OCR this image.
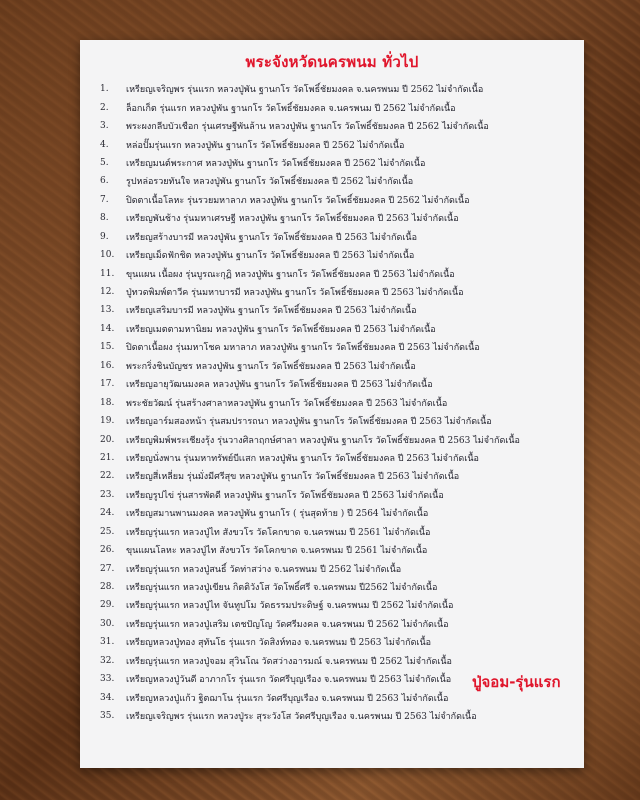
พระจังหวัดนครพนม ทั่วไป
1.	เหรียญเจริญพร รุ่นแรก หลวงปู่พัน ฐานกโร วัดโพธิ์ชัยมงคล จ.นครพนม ปี 2562 ไม่จำกัดเนื้อ
2.	ล็อกเก็ต รุ่นแรก หลวงปู่พัน ฐานกโร วัดโพธิ์ชัยมงคล จ.นครพนม ปี 2562 ไม่จำกัดเนื้อ
3.	พระผงกลีบบัวเชือก รุ่นเศรษฐีพันล้าน หลวงปู่พัน ฐานกโร วัดโพธิ์ชัยมงคล ปี 2562 ไม่จำกัดเนื้อ
4.	หล่อปั๊มรุ่นแรก หลวงปู่พัน ฐานกโร วัดโพธิ์ชัยมงคล ปี 2562 ไม่จำกัดเนื้อ
5.	เหรียญมนต์พระกาศ หลวงปู่พัน ฐานกโร วัดโพธิ์ชัยมงคล ปี 2562 ไม่จำกัดเนื้อ
6.	รูปหล่อรวยทันใจ หลวงปู่พัน ฐานกโร วัดโพธิ์ชัยมงคล ปี 2562 ไม่จำกัดเนื้อ
7.	ปิดตาเนื้อโลหะ รุ่นรวยมหาลาภ หลวงปู่พัน ฐานกโร วัดโพธิ์ชัยมงคล ปี 2562 ไม่จำกัดเนื้อ
8.	เหรียญพันช้าง รุ่นมหาเศรษฐี หลวงปู่พัน ฐานกโร วัดโพธิ์ชัยมงคล ปี 2563 ไม่จำกัดเนื้อ
9.	เหรียญสร้างบารมี หลวงปู่พัน ฐานกโร วัดโพธิ์ชัยมงคล ปี 2563 ไม่จำกัดเนื้อ
10.	เหรียญเม็ดฟักชิต หลวงปู่พัน ฐานกโร วัดโพธิ์ชัยมงคล ปี 2563 ไม่จำกัดเนื้อ
11.	ขุนแผน เนื้อผง รุ่นบูรณะกุฏิ หลวงปู่พัน ฐานกโร วัดโพธิ์ชัยมงคล ปี 2563 ไม่จำกัดเนื้อ
12.	ปู่ทวดพิมพ์ตาวีค รุ่นมหาบารมี หลวงปู่พัน ฐานกโร วัดโพธิ์ชัยมงคล ปี 2563 ไม่จำกัดเนื้อ
13.	เหรียญเสริมบารมี หลวงปู่พัน ฐานกโร วัดโพธิ์ชัยมงคล ปี 2563 ไม่จำกัดเนื้อ
14.	เหรียญเมตตามหานิยม หลวงปู่พัน ฐานกโร วัดโพธิ์ชัยมงคล ปี 2563 ไม่จำกัดเนื้อ
15.	ปิดตาเนื้อผง รุ่นมหาโชค มหาลาภ หลวงปู่พัน ฐานกโร วัดโพธิ์ชัยมงคล ปี 2563 ไม่จำกัดเนื้อ
16.	พระกริ่งชินบัญชร หลวงปู่พัน ฐานกโร วัดโพธิ์ชัยมงคล ปี 2563 ไม่จำกัดเนื้อ
17.	เหรียญอายุวัฒนมงคล หลวงปู่พัน ฐานกโร วัดโพธิ์ชัยมงคล ปี 2563 ไม่จำกัดเนื้อ
18.	พระชัยวัฒน์ รุ่นสร้างศาลาหลวงปู่พัน ฐานกโร วัดโพธิ์ชัยมงคล ปี 2563 ไม่จำกัดเนื้อ
19.	เหรียญอาร์มสองหน้า รุ่นสมปรารถนา หลวงปู่พัน ฐานกโร วัดโพธิ์ชัยมงคล ปี 2563 ไม่จำกัดเนื้อ
20.	เหรียญพิมพ์พระเชียงรุ้ง รุ่นวางศิลาฤกษ์ศาลา หลวงปู่พัน ฐานกโร วัดโพธิ์ชัยมงคล ปี 2563 ไม่จำกัดเนื้อ
21.	เหรียญนั่งพาน รุ่นมหาทรัพย์บีเเสก หลวงปู่พัน ฐานกโร วัดโพธิ์ชัยมงคล ปี 2563 ไม่จำกัดเนื้อ
22.	เหรียญสี่เหลี่ยม รุ่นมั่งมีศรีสุข หลวงปู่พัน ฐานกโร วัดโพธิ์ชัยมงคล ปี 2563 ไม่จำกัดเนื้อ
23.	เหรียญรูปไข่ รุ่นสารพัดดี หลวงปู่พัน ฐานกโร วัดโพธิ์ชัยมงคล ปี 2563 ไม่จำกัดเนื้อ
24.	เหรียญสมานพานมงคล หลวงปู่พัน ฐานกโร ( รุ่นสุดท้าย ) ปี 2564 ไม่จำกัดเนื้อ
25.	เหรียญรุ่นแรก หลวงปู่ไท สังขวโร วัดโคกขาด จ.นครพนม ปี 2561 ไม่จำกัดเนื้อ
26.	ขุนแผนโลหะ หลวงปู่ไท สังขวโร วัดโคกขาด จ.นครพนม ปี 2561 ไม่จำกัดเนื้อ
27.	เหรียญรุ่นแรก หลวงปู่สนธิ์ วัดท่าสว่าง จ.นครพนม ปี 2562 ไม่จำกัดเนื้อ
28.	เหรียญรุ่นแรก หลวงปู่เขียน กิตติวังโส วัดโพธิ์ศรี จ.นครพนม ปี2562 ไม่จำกัดเนื้อ
29.	เหรียญรุ่นแรก หลวงปู่ไท จันทูปโม วัดธรรมประดิษฐ์ จ.นครพนม ปี 2562 ไม่จำกัดเนื้อ
30.	เหรียญรุ่นแรก หลวงปู่เสริม เตชปัญโญ วัดศรีมงคล จ.นครพนม ปี 2562 ไม่จำกัดเนื้อ
31.	เหรียญหลวงปู่ทอง สุทันโธ รุ่นแรก วัดสิงห์ทอง จ.นครพนม ปี 2563 ไม่จำกัดเนื้อ
32.	เหรียญรุ่นแรก หลวงปู่จอม สุวินโณ วัดสว่างอารมณ์ จ.นครพนม ปี 2562 ไม่จำกัดเนื้อ
33.	เหรียญหลวงปู่วันดี อาภากโร รุ่นแรก วัดศรีบุญเรือง จ.นครพนม ปี 2563 ไม่จำกัดเนื้อ
34.	เหรียญหลวงปู่แก้ว ฐิตฌาโน รุ่นแรก วัดศรีบุญเรือง จ.นครพนม ปี 2563 ไม่จำกัดเนื้อ
35.	เหรียญเจริญพร รุ่นแรก หลวงปู่ระ สุระวังโส วัดศรีบุญเรือง จ.นครพนม ปี 2563 ไม่จำกัดเนื้อ
ปู่จอม-รุ่นแรก
